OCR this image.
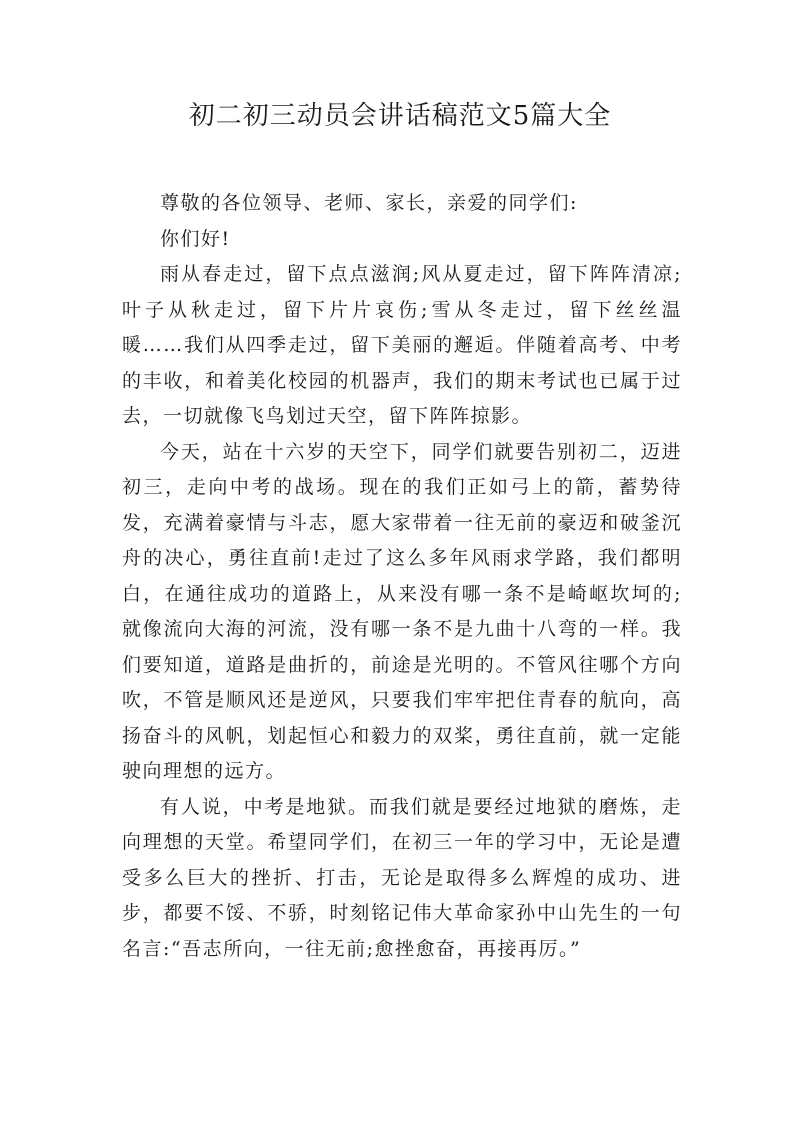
初二初三动员会讲话稿范文5篇大全

尊敬的各位领导、老师、家长，亲爱的同学们:

你们好!

雨从春走过，留下点点滋润;风从夏走过，留下阵阵清凉;叶子从秋走过，留下片片哀伤;雪从冬走过，留下丝丝温暖……我们从四季走过，留下美丽的邂逅。伴随着高考、中考的丰收，和着美化校园的机器声，我们的期末考试也已属于过去，一切就像飞鸟划过天空，留下阵阵掠影。

今天，站在十六岁的天空下，同学们就要告别初二，迈进初三，走向中考的战场。现在的我们正如弓上的箭，蓄势待发，充满着豪情与斗志，愿大家带着一往无前的豪迈和破釜沉舟的决心，勇往直前!走过了这么多年风雨求学路，我们都明白，在通往成功的道路上，从来没有哪一条不是崎岖坎坷的;就像流向大海的河流，没有哪一条不是九曲十八弯的一样。我们要知道，道路是曲折的，前途是光明的。不管风往哪个方向吹，不管是顺风还是逆风，只要我们牢牢把住青春的航向，高扬奋斗的风帆，划起恒心和毅力的双桨，勇往直前，就一定能驶向理想的远方。

有人说，中考是地狱。而我们就是要经过地狱的磨炼，走向理想的天堂。希望同学们，在初三一年的学习中，无论是遭受多么巨大的挫折、打击，无论是取得多么辉煌的成功、进步，都要不馁、不骄，时刻铭记伟大革命家孙中山先生的一句名言:“吾志所向，一往无前;愈挫愈奋，再接再厉。”
